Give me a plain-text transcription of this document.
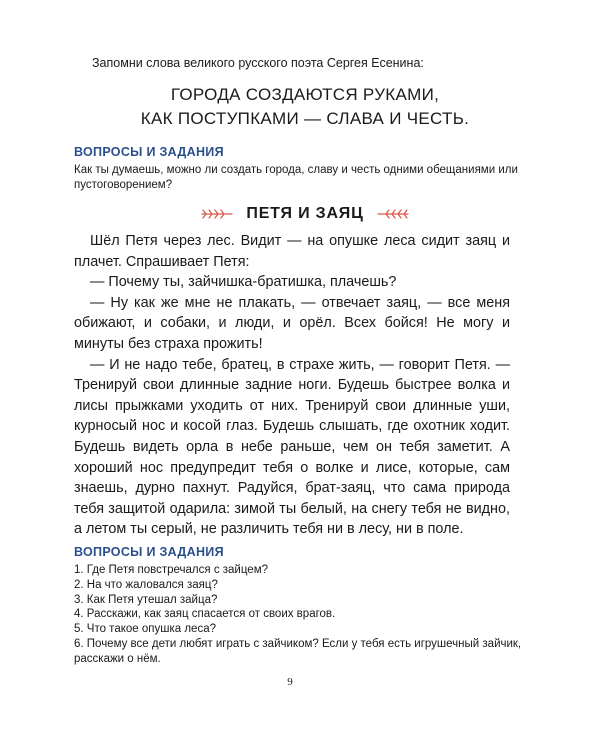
Запомни слова великого русского поэта Сергея Есенина:
ГОРОДА СОЗДАЮТСЯ РУКАМИ,
КАК ПОСТУПКАМИ — СЛАВА И ЧЕСТЬ.
ВОПРОСЫ И ЗАДАНИЯ
Как ты думаешь, можно ли создать города, славу и честь одними обещаниями или пустоговорением?
ПЕТЯ И ЗАЯЦ

Шёл Петя через лес. Видит — на опушке леса сидит заяц и плачет. Спрашивает Петя:

— Почему ты, зайчишка-братишка, плачешь?

— Ну как же мне не плакать, — отвечает заяц, — все меня обижают, и собаки, и люди, и орёл. Всех бойся! Не могу и минуты без страха прожить!

— И не надо тебе, братец, в страхе жить, — говорит Петя. — Тренируй свои длинные задние ноги. Будешь быстрее волка и лисы прыжками уходить от них. Тренируй свои длинные уши, курносый нос и косой глаз. Будешь слышать, где охотник ходит. Будешь видеть орла в небе раньше, чем он тебя заметит. А хороший нос предупредит тебя о волке и лисе, которые, сам знаешь, дурно пахнут. Радуйся, брат-заяц, что сама природа тебя защитой одарила: зимой ты белый, на снегу тебя не видно, а летом ты серый, не различить тебя ни в лесу, ни в поле.

ВОПРОСЫ И ЗАДАНИЯ
1. Где Петя повстречался с зайцем?
2. На что жаловался заяц?
3. Как Петя утешал зайца?
4. Расскажи, как заяц спасается от своих врагов.
5. Что такое опушка леса?
6. Почему все дети любят играть с зайчиком? Если у тебя есть игрушечный зайчик, расскажи о нём.
9
